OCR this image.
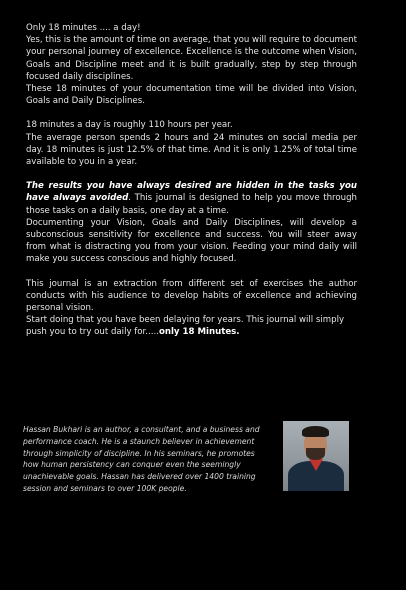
Only 18 minutes .... a day!

Yes, this is the amount of time on average, that you will require to document your personal journey of excellence. Excellence is the outcome when Vision, Goals and Discipline meet and it is built gradually, step by step through focused daily disciplines.

These 18 minutes of your documentation time will be divided into Vision, Goals and Daily Disciplines.

18 minutes a day is roughly 110 hours per year.

The average person spends 2 hours and 24 minutes on social media per day. 18 minutes is just 12.5% of that time. And it is only 1.25% of total time available to you in a year.

The results you have always desired are hidden in the tasks you have always avoided. This journal is designed to help you move through those tasks on a daily basis, one day at a time.

Documenting your Vision, Goals and Daily Disciplines, will develop a subconscious sensitivity for excellence and success. You will steer away from what is distracting you from your vision. Feeding your mind daily will make you success conscious and highly focused.

This journal is an extraction from different set of exercises the author conducts with his audience to develop habits of excellence and achieving personal vision.

Start doing that you have been delaying for years. This journal will simply push you to try out daily for.....only 18 Minutes.

Hassan Bukhari is an author, a consultant, and a business and performance coach. He is a staunch believer in achievement through simplicity of discipline. In his seminars, he promotes how human persistency can conquer even the seemingly unachievable goals. Hassan has delivered over 1400 training session and seminars to over 100K people.
